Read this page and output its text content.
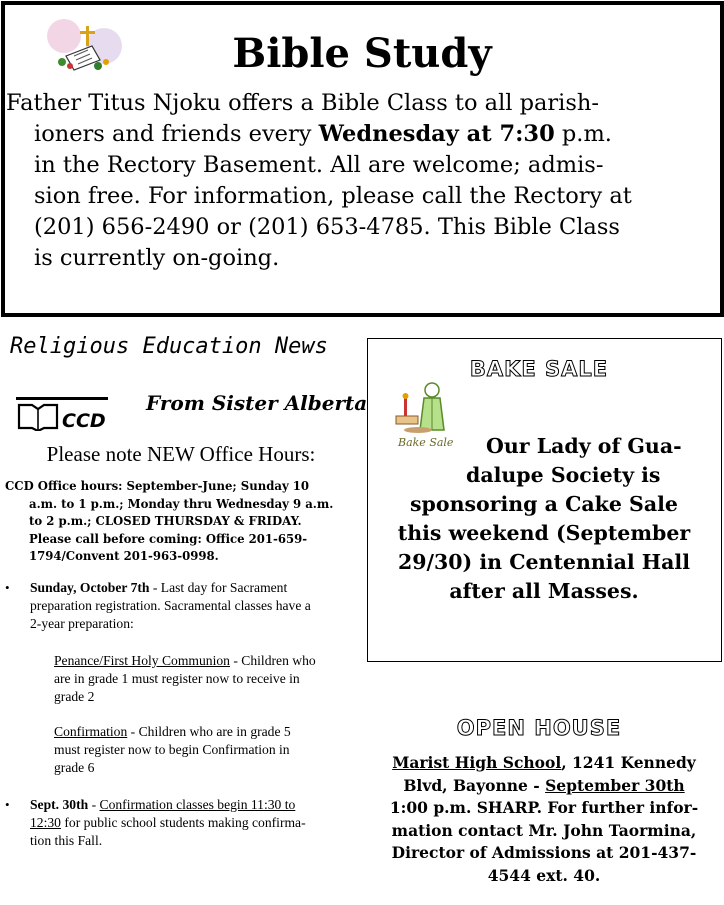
Bible Study
Father Titus Njoku offers a Bible Class to all parish-
ioners and friends every Wednesday at 7:30 p.m.
in the Rectory Basement. All are welcome; admis-
sion free. For information, please call the Rectory at
(201) 656-2490 or (201) 653-4785. This Bible Class
is currently on-going.
Religious Education News
CCD
From Sister Alberta
Please note NEW Office Hours:
CCD Office hours: September-June; Sunday 10
a.m. to 1 p.m.; Monday thru Wednesday 9 a.m.
to 2 p.m.; CLOSED THURSDAY & FRIDAY.
Please call before coming: Office 201-659-
1794/Convent 201-963-0998.
• Sunday, October 7th - Last day for Sacrament
preparation registration. Sacramental classes have a
2-year preparation:
Penance/First Holy Communion - Children who
are in grade 1 must register now to receive in
grade 2
Confirmation - Children who are in grade 5
must register now to begin Confirmation in
grade 6
• Sept. 30th - Confirmation classes begin 11:30 to
12:30 for public school students making confirma-
tion this Fall.
BAKE SALE
Bake Sale	Our Lady of Gua-
dalupe Society is
sponsoring a Cake Sale
this weekend (September
29/30) in Centennial Hall
after all Masses.
OPEN HOUSE
Marist High School, 1241 Kennedy
Blvd, Bayonne - September 30th
1:00 p.m. SHARP. For further infor-
mation contact Mr. John Taormina,
Director of Admissions at 201-437-
4544 ext. 40.
